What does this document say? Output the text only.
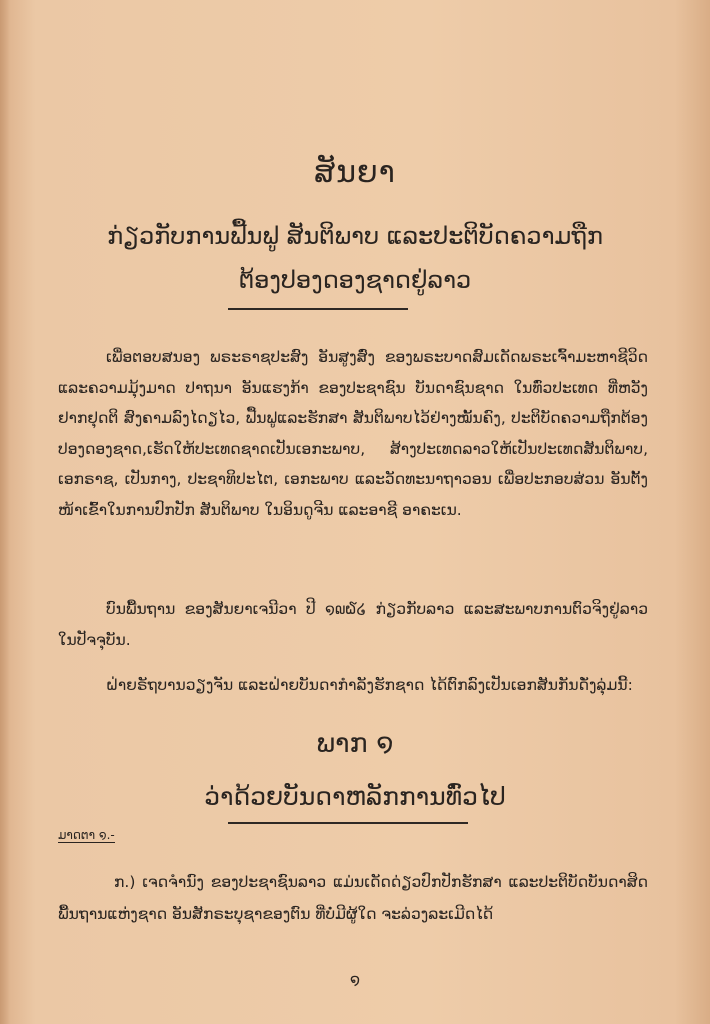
ສັນຍາ
ກ່ຽວກັບການຟື້ນຟູ ສັນຕິພາບ ແລະປະຕິບັດຄວາມຖືກ
ຕ້ອງປອງດອງຊາດຢູ່ລາວ
ເພື່ອຕອບສນອງ ພຣະຣາຊປະສົງ ອັນສູງສົ່ງ ຂອງພຣະບາດສົມເດັດພຣະເຈົ້າມະຫາຊີວິດ ແລະຄວາມມຸ້ງມາດ ປາຖນາ ອັນແຮງກ້າ ຂອງປະຊາຊົນ ບັນດາຊົນຊາດ ໃນທົ່ວປະເທດ ທີ່ຫວັງຢາກຢຸດຕິ ສົງຄາມລົງໄດຽໄວ, ຟື້ນຟູແລະຮັກສາ ສັນຕິພາບໄວ້ຢ່າງໝັ້ນຄົງ, ປະຕິບັດຄວາມຖືກຕ້ອງປອງດອງຊາດ,ເຮັດໃຫ້ປະເທດຊາດເປັນເອກະພາບ, ສ້າງປະເທດລາວໃຫ້ເປັນປະເທດສັນຕິພາບ, ເອກຣາຊ, ເປັນກາງ, ປະຊາທິປະໄຕ, ເອກະພາບ ແລະວັດທະນາຖາວອນ ເພື່ອປະກອບສ່ວນ ອັນຕັ້ງໜ້າເຂົ້າໃນການປົກປັກ ສັນຕິພາບ ໃນອິນດູຈີນ ແລະອາຊີ ອາຄະເນ.
ບົນພື້ນຖານ ຂອງສັນຍາເຈນີວາ ປີ ໑໙໖໒ ກ່ຽວກັບລາວ ແລະສະພາບການຕົວຈິງຢູ່ລາວ ໃນປັຈຈຸບັນ.
ຝ່າຍຣັຖບານວຽງຈັນ ແລະຝ່າຍບັນດາກຳລັງຮັກຊາດ ໄດ້ຕົກລົງເປັນເອກສັນກັນດັ່ງລຸ່ມນີ້:
ພາກ ໑
ວ່າດ້ວຍບັນດາຫລັກການທົ່ວໄປ
ມາດຕາ ໑.-
ກ.) ເຈດຈຳນົງ ຂອງປະຊາຊົນລາວ ແມ່ນເດັດດ່ຽວປົກປັກຮັກສາ ແລະປະຕິບັດບັນດາສິດ ພື້ນຖານແຫ່ງຊາດ ອັນສັກຣະບຸຊາຂອງຕົນ ທີ່ບໍ່ມີຜູ້ໃດ ຈະລ່ວງລະເມີດໄດ້
໑
